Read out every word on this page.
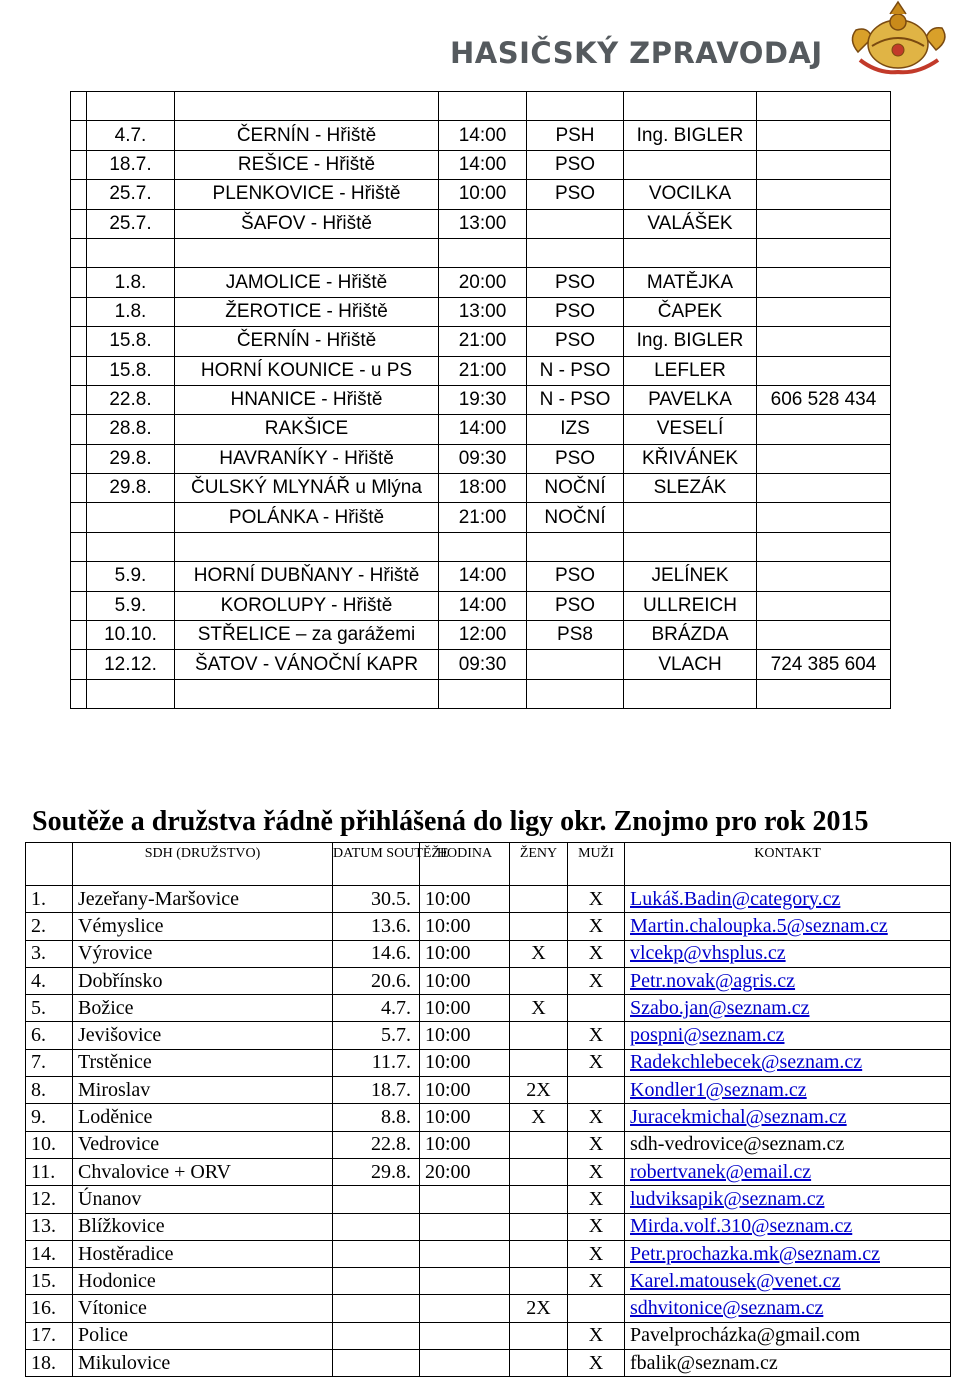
HASIČSKÝ ZPRAVODAJ

	4.7.	ČERNÍN - Hřiště	14:00	PSH	Ing. BIGLER	
	18.7.	REŠICE - Hřiště	14:00	PSO		
	25.7.	PLENKOVICE - Hřiště	10:00	PSO	VOCILKA	
	25.7.	ŠAFOV - Hřiště	13:00		VALÁŠEK	

	1.8.	JAMOLICE - Hřiště	20:00	PSO	MATĚJKA	
	1.8.	ŽEROTICE - Hřiště	13:00	PSO	ČAPEK	
	15.8.	ČERNÍN - Hřiště	21:00	PSO	Ing. BIGLER	
	15.8.	HORNÍ KOUNICE - u PS	21:00	N - PSO	LEFLER	
	22.8.	HNANICE - Hřiště	19:30	N - PSO	PAVELKA	606 528 434
	28.8.	RAKŠICE	14:00	IZS	VESELÍ	
	29.8.	HAVRANÍKY - Hřiště	09:30	PSO	KŘIVÁNEK	
	29.8.	ČULSKÝ MLYNÁŘ u Mlýna	18:00	NOČNÍ	SLEZÁK	
		POLÁNKA - Hřiště	21:00	NOČNÍ		

	5.9.	HORNÍ DUBŇANY - Hřiště	14:00	PSO	JELÍNEK	
	5.9.	KOROLUPY - Hřiště	14:00	PSO	ULLREICH	
	10.10.	STŘELICE – za garážemi	12:00	PS8	BRÁZDA	
	12.12.	ŠATOV - VÁNOČNÍ KAPR	09:30		VLACH	724 385 604

Soutěže a družstva řádně přihlášená do ligy okr. Znojmo pro rok 2015
	SDH (DRUŽSTVO)	DATUM SOUTĚŽE	HODINA	ŽENY	MUŽI	KONTAKT
1.	Jezeřany-Maršovice	30.5.	10:00		X	Lukáš.Badin@category.cz
2.	Vémyslice	13.6.	10:00		X	Martin.chaloupka.5@seznam.cz
3.	Výrovice	14.6.	10:00	X	X	vlcekp@vhsplus.cz
4.	Dobřínsko	20.6.	10:00		X	Petr.novak@agris.cz
5.	Božice	4.7.	10:00	X		Szabo.jan@seznam.cz
6.	Jevišovice	5.7.	10:00		X	pospni@seznam.cz
7.	Trstěnice	11.7.	10:00		X	Radekchlebecek@seznam.cz
8.	Miroslav	18.7.	10:00	2X		Kondler1@seznam.cz
9.	Loděnice	8.8.	10:00	X	X	Juracekmichal@seznam.cz
10.	Vedrovice	22.8.	10:00		X	sdh-vedrovice@seznam.cz
11.	Chvalovice + ORV	29.8.	20:00		X	robertvanek@email.cz
12.	Únanov				X	ludviksapik@seznam.cz
13.	Blížkovice				X	Mirda.volf.310@seznam.cz
14.	Hostěradice				X	Petr.prochazka.mk@seznam.cz
15.	Hodonice				X	Karel.matousek@venet.cz
16.	Vítonice			2X		sdhvitonice@seznam.cz
17.	Police				X	Pavelprocházka@gmail.com
18.	Mikulovice				X	fbalik@seznam.cz
